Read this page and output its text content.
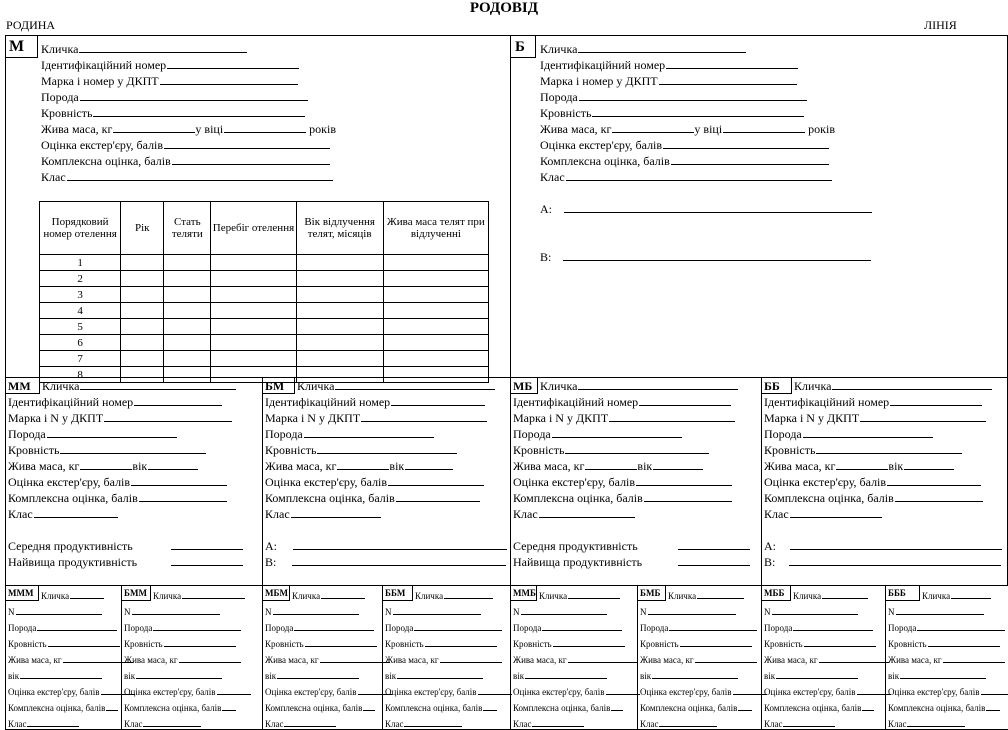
РОДОВІД
РОДИНА	ЛІНІЯ
М	Кличка
Ідентифікаційний номер
Марка і номер у ДКПТ
Порода
Кровність
Жива маса, кг	у віці	років
Оцінка екстер'єру, балів
Комплексна оцінка, балів
Клас
Порядковий номер отелення	Рік	Стать теляти	Перебіг отелення	Вік відлучення телят, місяців	Жива маса телят при відлученні
1					
2					
3					
4					
5					
6					
7					
8					
Б	Кличка
Ідентифікаційний номер
Марка і номер у ДКПТ
Порода
Кровність
Жива маса, кг	у віці	років
Оцінка екстер'єру, балів
Комплексна оцінка, балів
Клас
А:
В:
ММ Кличка
Ідентифікаційний номер
Марка і N у ДКПТ
Порода
Кровність
Жива маса, кг	вік
Оцінка екстер'єру, балів
Комплексна оцінка, балів
Клас
Середня продуктивність
Найвища продуктивність
БМ	Кличка
Ідентифікаційний номер
Марка і N у ДКПТ
Порода
Кровність
Жива маса, кг	вік
Оцінка екстер'єру, балів
Комплексна оцінка, балів
Клас
А:
В:
МБ Кличка
Ідентифікаційний номер
Марка і N у ДКПТ
Порода
Кровність
Жива маса, кг	вік
Оцінка екстер'єру, балів
Комплексна оцінка, балів
Клас
Середня продуктивність
Найвища продуктивність
ББ	Кличка
Ідентифікаційний номер
Марка і N у ДКПТ
Порода
Кровність
Жива маса, кг	вік
Оцінка екстер'єру, балів
Комплексна оцінка, балів
Клас
А:
В:
МММ Кличка
N
Порода
Кровність
Жива маса, кг
вік
Оцінка екстер'єру, балів
Комплексна оцінка, балів
Клас
БММ Кличка
N
Порода
Кровність
Жива маса, кг
вік
Оцінка екстер'єру, балів
Комплексна оцінка, балів
Клас
МБМ Кличка
N
Порода
Кровність
Жива маса, кг
вік
Оцінка екстер'єру, балів
Комплексна оцінка, балів
Клас
ББМ	Кличка
N
Порода
Кровність
Жива маса, кг
вік
Оцінка екстер'єру, балів
Комплексна оцінка, балів
Клас
ММБ Кличка
N
Порода
Кровність
Жива маса, кг
вік
Оцінка екстер'єру, балів
Комплексна оцінка, балів
Клас
БМБ Кличка
N
Порода
Кровність
Жива маса, кг
вік
Оцінка екстер'єру, балів
Комплексна оцінка, балів
Клас
МББ Кличка
N
Порода
Кровність
Жива маса, кг
вік
Оцінка екстер'єру, балів
Комплексна оцінка, балів
Клас
БББ	Кличка
N
Порода
Кровність
Жива маса, кг
вік
Оцінка екстер'єру, балів
Комплексна оцінка, балів
Клас
